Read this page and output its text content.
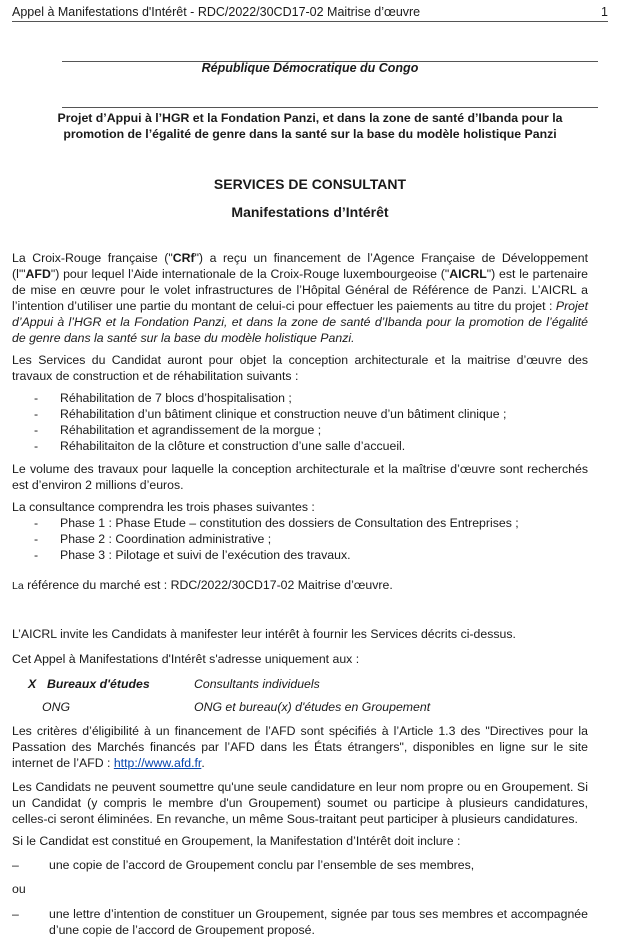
Appel à Manifestations d'Intérêt - RDC/2022/30CD17-02 Maitrise d’œuvre	1
République Démocratique du Congo
Projet d’Appui à l’HGR et la Fondation Panzi, et dans la zone de santé d’Ibanda pour la
promotion de l’égalité de genre dans la santé sur la base du modèle holistique Panzi
SERVICES DE CONSULTANT
Manifestations d’Intérêt
La Croix-Rouge française ("CRf") a reçu un financement de l’Agence Française de Développement (l'"AFD") pour lequel l’Aide internationale de la Croix-Rouge luxembourgeoise ("AICRL") est le partenaire de mise en œuvre pour le volet infrastructures de l’Hôpital Général de Référence de Panzi. L’AICRL a l’intention d’utiliser une partie du montant de celui-ci pour effectuer les paiements au titre du projet : Projet d’Appui à l’HGR et la Fondation Panzi, et dans la zone de santé d’Ibanda pour la promotion de l’égalité de genre dans la santé sur la base du modèle holistique Panzi.
Les Services du Candidat auront pour objet la conception architecturale et la maitrise d’œuvre des travaux de construction et de réhabilitation suivants :
- Réhabilitation de 7 blocs d’hospitalisation ;
- Réhabilitation d’un bâtiment clinique et construction neuve d’un bâtiment clinique ;
- Réhabilitation et agrandissement de la morgue ;
- Réhabilitaiton de la clôture et construction d’une salle d’accueil.
Le volume des travaux pour laquelle la conception architecturale et la maîtrise d’œuvre sont recherchés est d’environ 2 millions d’euros.
La consultance comprendra les trois phases suivantes :
- Phase 1 : Phase Etude – constitution des dossiers de Consultation des Entreprises ;
- Phase 2 : Coordination administrative ;
- Phase 3 : Pilotage et suivi de l’exécution des travaux.
La référence du marché est : RDC/2022/30CD17-02 Maitrise d’œuvre.
L’AICRL invite les Candidats à manifester leur intérêt à fournir les Services décrits ci-dessus.
Cet Appel à Manifestations d'Intérêt s'adresse uniquement aux :
X Bureaux d'études	Consultants individuels
ONG	ONG et bureau(x) d'études en Groupement
Les critères d’éligibilité à un financement de l’AFD sont spécifiés à l’Article 1.3 des "Directives pour la Passation des Marchés financés par l’AFD dans les États étrangers", disponibles en ligne sur le site internet de l’AFD : http://www.afd.fr.
Les Candidats ne peuvent soumettre qu'une seule candidature en leur nom propre ou en Groupement. Si un Candidat (y compris le membre d'un Groupement) soumet ou participe à plusieurs candidatures, celles-ci seront éliminées. En revanche, un même Sous-traitant peut participer à plusieurs candidatures.
Si le Candidat est constitué en Groupement, la Manifestation d’Intérêt doit inclure :
– une copie de l’accord de Groupement conclu par l’ensemble de ses membres,
ou
– une lettre d’intention de constituer un Groupement, signée par tous ses membres et accompagnée d’une copie de l’accord de Groupement proposé.
